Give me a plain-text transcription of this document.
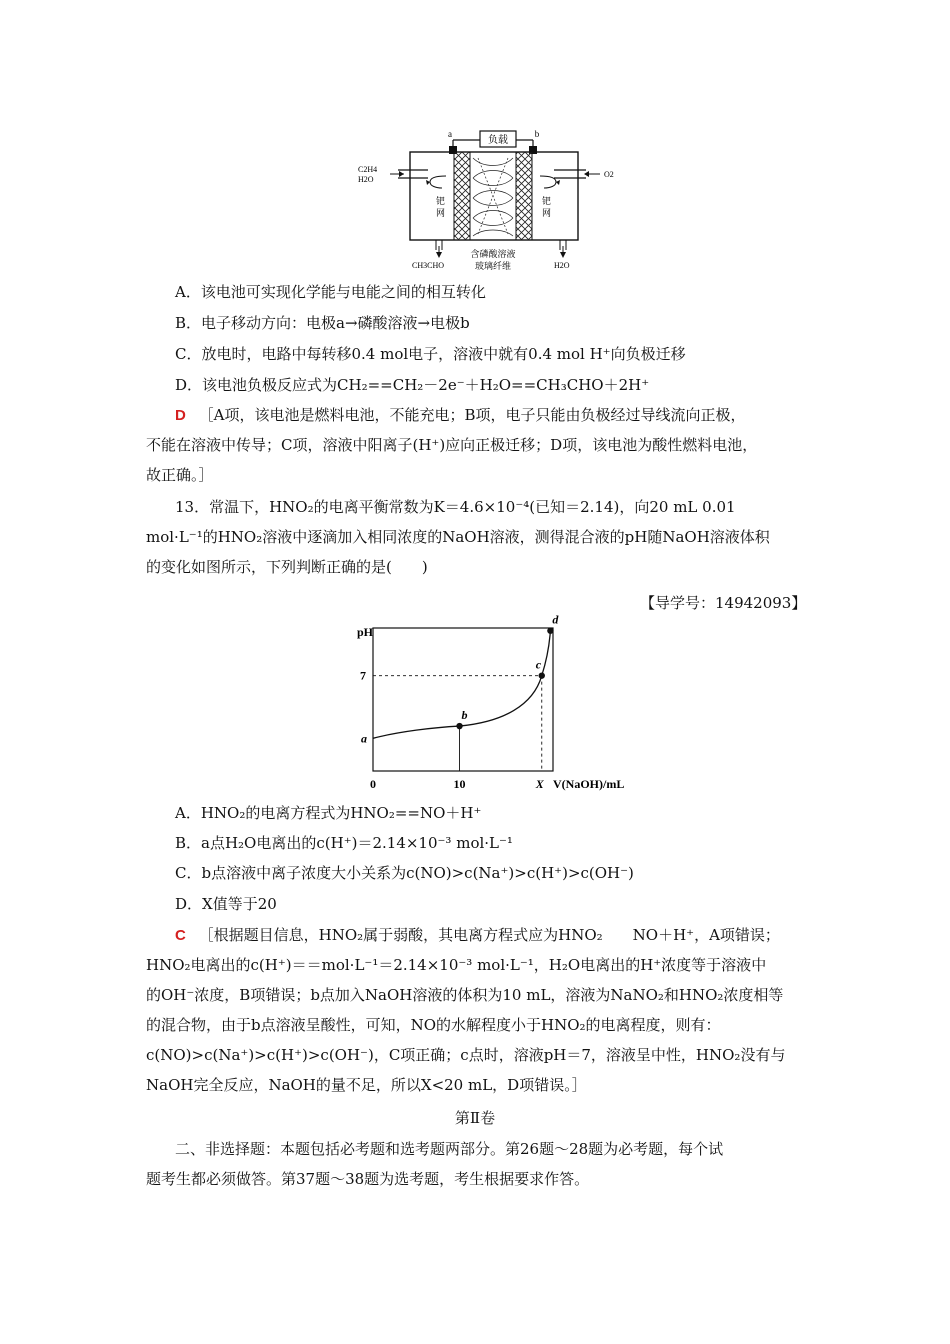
负载
a	b
C2H4
H2O
钯
网
CH3CHO
O2
钯
网
H2O
含磷酸溶液
玻璃纤维
A．该电池可实现化学能与电能之间的相互转化
B．电子移动方向：电极a→磷酸溶液→电极b
C．放电时，电路中每转移0.4 mol电子，溶液中就有0.4 mol H⁺向负极迁移
D．该电池负极反应式为CH₂==CH₂－2e⁻＋H₂O==CH₃CHO＋2H⁺
D ［A项，该电池是燃料电池，不能充电；B项，电子只能由负极经过导线流向正极，
不能在溶液中传导；C项，溶液中阳离子(H⁺)应向正极迁移；D项，该电池为酸性燃料电池，
故正确。］
13．常温下，HNO₂的电离平衡常数为K＝4.6×10⁻⁴(已知＝2.14)，向20 mL 0.01
mol·L⁻¹的HNO₂溶液中逐滴加入相同浓度的NaOH溶液，测得混合液的pH随NaOH溶液体积
的变化如图所示，下列判断正确的是(　　)
【导学号：14942093】
pH
a
b
c
d
7
0	10	X V(NaOH)/mL
A．HNO₂的电离方程式为HNO₂==NO＋H⁺
B．a点H₂O电离出的c(H⁺)＝2.14×10⁻³ mol·L⁻¹
C．b点溶液中离子浓度大小关系为c(NO)>c(Na⁺)>c(H⁺)>c(OH⁻)
D．X值等于20
C ［根据题目信息，HNO₂属于弱酸，其电离方程式应为HNO₂　　NO＋H⁺，A项错误；
HNO₂电离出的c(H⁺)＝＝mol·L⁻¹＝2.14×10⁻³ mol·L⁻¹，H₂O电离出的H⁺浓度等于溶液中
的OH⁻浓度，B项错误；b点加入NaOH溶液的体积为10 mL，溶液为NaNO₂和HNO₂浓度相等
的混合物，由于b点溶液呈酸性，可知，NO的水解程度小于HNO₂的电离程度，则有：
c(NO)>c(Na⁺)>c(H⁺)>c(OH⁻)，C项正确；c点时，溶液pH＝7，溶液呈中性，HNO₂没有与
NaOH完全反应，NaOH的量不足，所以X<20 mL，D项错误。］
第Ⅱ卷
二、非选择题：本题包括必考题和选考题两部分。第26题～28题为必考题，每个试
题考生都必须做答。第37题～38题为选考题，考生根据要求作答。
